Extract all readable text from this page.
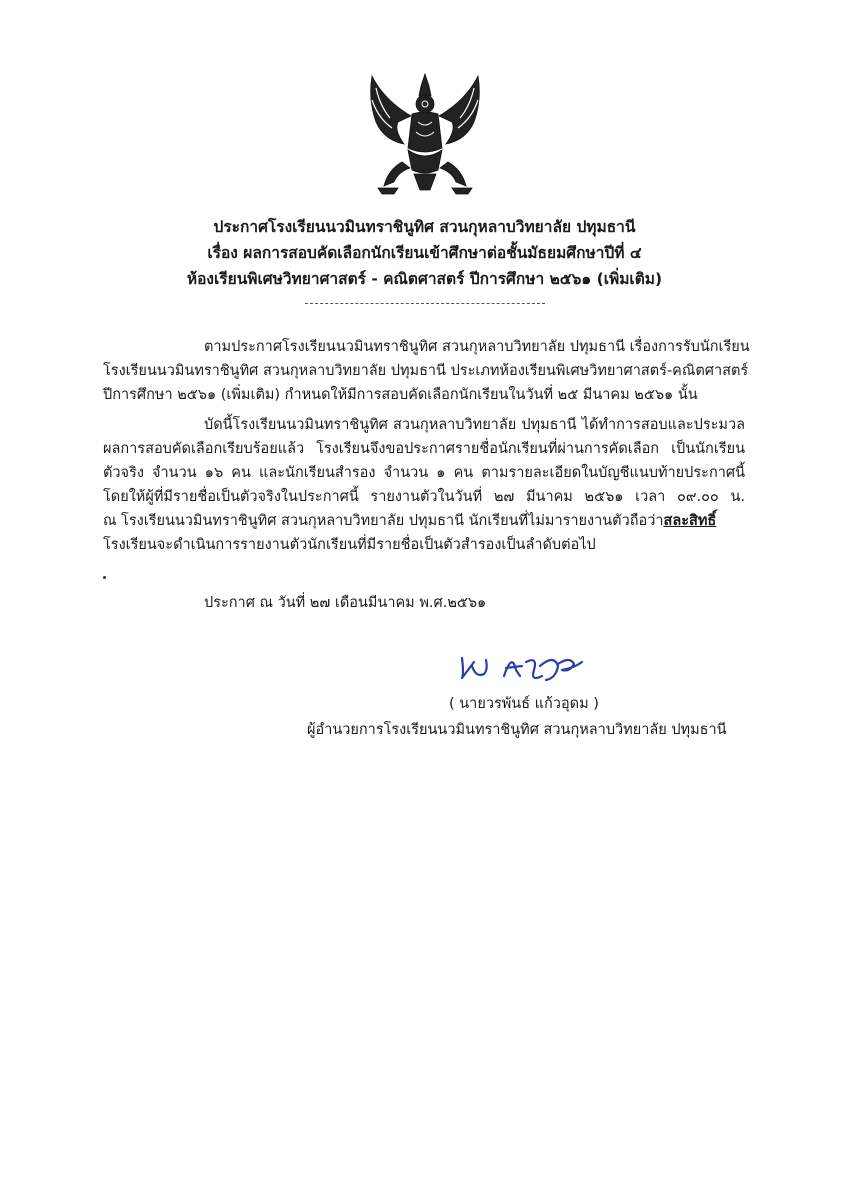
ประกาศโรงเรียนนวมินทราชินูทิศ สวนกุหลาบวิทยาลัย ปทุมธานี
เรื่อง ผลการสอบคัดเลือกนักเรียนเข้าศึกษาต่อชั้นมัธยมศึกษาปีที่ ๔
ห้องเรียนพิเศษวิทยาศาสตร์ - คณิตศาสตร์ ปีการศึกษา ๒๕๖๑ (เพิ่มเติม)
ตามประกาศโรงเรียนนวมินทราชินูทิศ สวนกุหลาบวิทยาลัย ปทุมธานี เรื่องการรับนักเรียน
โรงเรียนนวมินทราชินูทิศ สวนกุหลาบวิทยาลัย ปทุมธานี ประเภทห้องเรียนพิเศษวิทยาศาสตร์-คณิตศาสตร์
ปีการศึกษา ๒๕๖๑ (เพิ่มเติม) กำหนดให้มีการสอบคัดเลือกนักเรียนในวันที่ ๒๕ มีนาคม ๒๕๖๑ นั้น
บัดนี้โรงเรียนนวมินทราชินูทิศ สวนกุหลาบวิทยาลัย ปทุมธานี ได้ทำการสอบและประมวล
ผลการสอบคัดเลือกเรียบร้อยแล้ว โรงเรียนจึงขอประกาศรายชื่อนักเรียนที่ผ่านการคัดเลือก เป็นนักเรียน
ตัวจริง จำนวน ๑๖ คน และนักเรียนสำรอง จำนวน ๑ คน ตามรายละเอียดในบัญชีแนบท้ายประกาศนี้
โดยให้ผู้ที่มีรายชื่อเป็นตัวจริงในประกาศนี้ รายงานตัวในวันที่ ๒๗ มีนาคม ๒๕๖๑ เวลา ๐๙.๐๐ น.
ณ โรงเรียนนวมินทราชินูทิศ สวนกุหลาบวิทยาลัย ปทุมธานี นักเรียนที่ไม่มารายงานตัวถือว่าสละสิทธิ์
โรงเรียนจะดำเนินการรายงานตัวนักเรียนที่มีรายชื่อเป็นตัวสำรองเป็นลำดับต่อไป
ประกาศ ณ วันที่ ๒๗ เดือนมีนาคม พ.ศ.๒๕๖๑
( นายวรพันธ์ แก้วอุดม )
ผู้อำนวยการโรงเรียนนวมินทราชินูทิศ สวนกุหลาบวิทยาลัย ปทุมธานี
